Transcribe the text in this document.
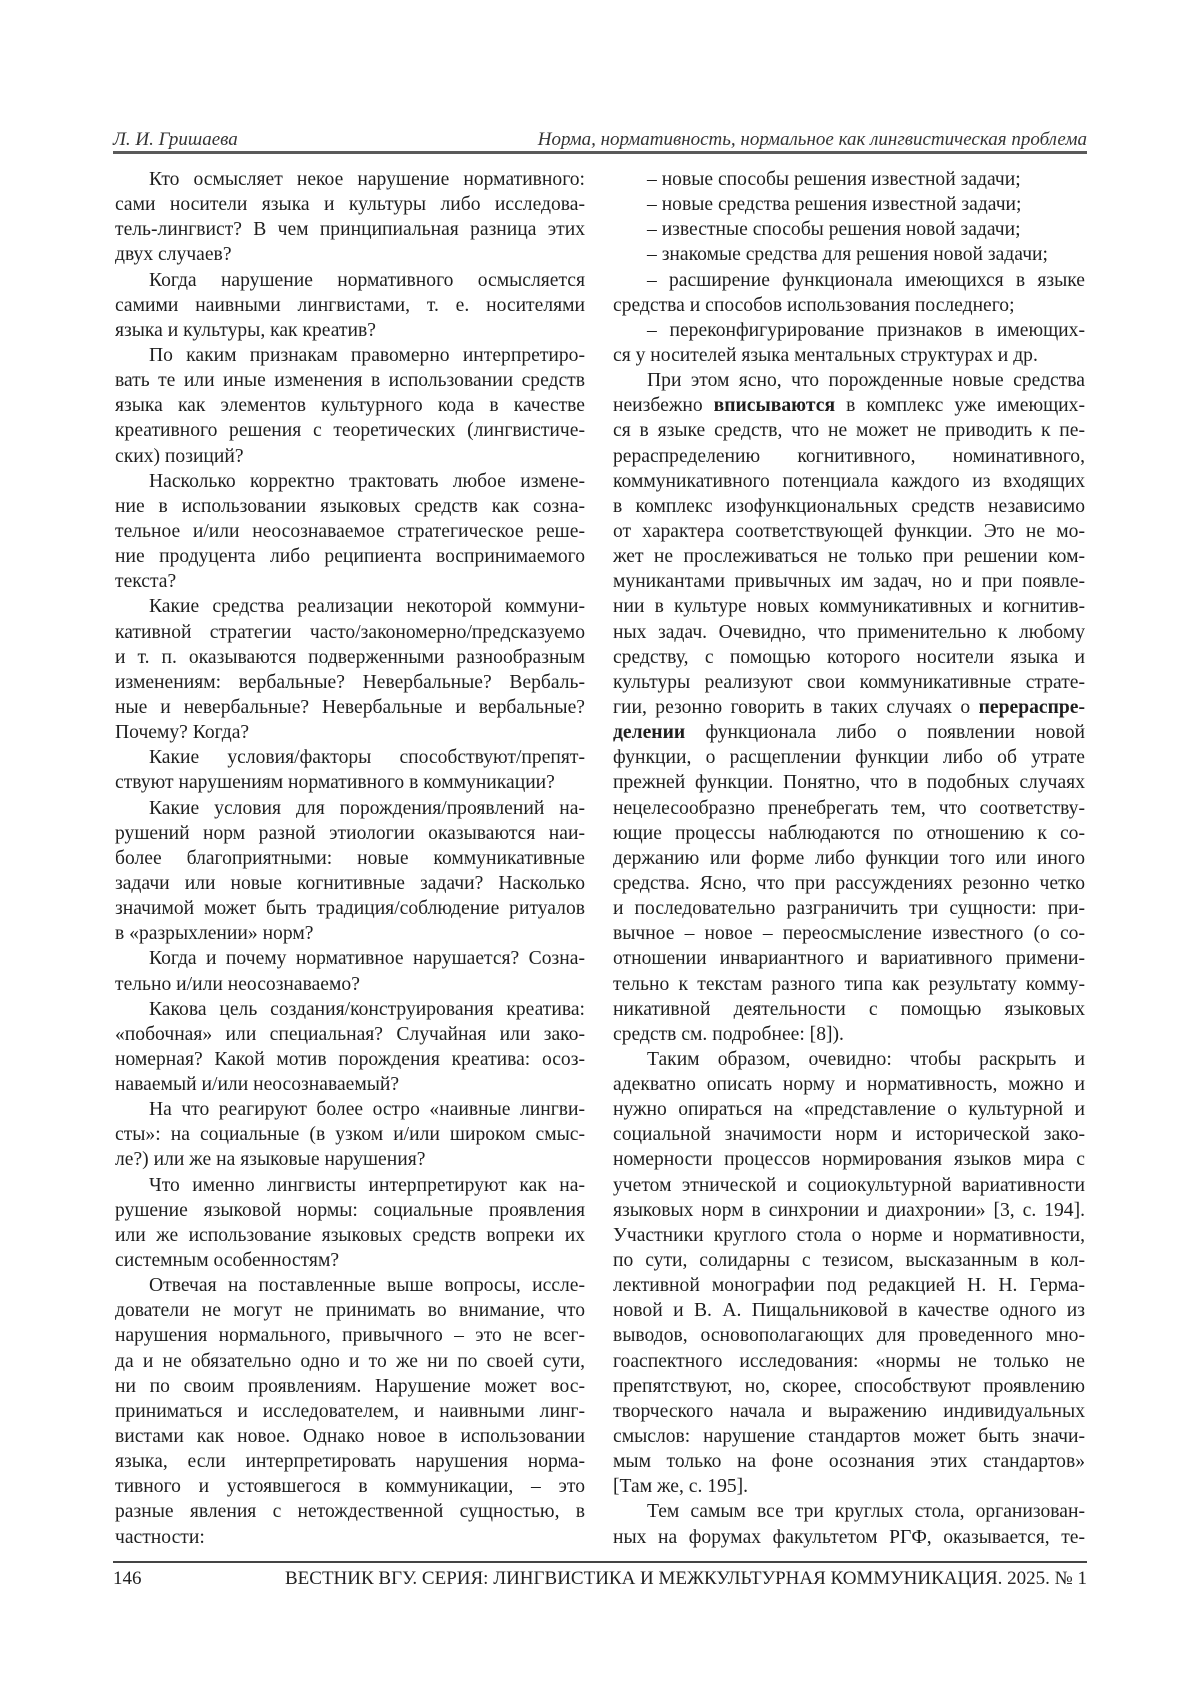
Л. И. Гришаева	Норма, нормативность, нормальное как лингвистическая проблема
Кто осмысляет некое нарушение нормативного:
сами носители языка и культуры либо исследова-
тель-лингвист? В чем принципиальная разница этих
двух случаев?
Когда нарушение нормативного осмысляется
самими наивными лингвистами, т. е. носителями
языка и культуры, как креатив?
По каким признакам правомерно интерпретиро-
вать те или иные изменения в использовании средств
языка как элементов культурного кода в качестве
креативного решения с теоретических (лингвистиче-
ских) позиций?
Насколько корректно трактовать любое измене-
ние в использовании языковых средств как созна-
тельное и/или неосознаваемое стратегическое реше-
ние продуцента либо реципиента воспринимаемого
текста?
Какие средства реализации некоторой коммуни-
кативной стратегии часто/закономерно/предсказуемо
и т. п. оказываются подверженными разнообразным
изменениям: вербальные? Невербальные? Вербаль-
ные и невербальные? Невербальные и вербальные?
Почему? Когда?
Какие условия/факторы способствуют/препят-
ствуют нарушениям нормативного в коммуникации?
Какие условия для порождения/проявлений на-
рушений норм разной этиологии оказываются наи-
более благоприятными: новые коммуникативные
задачи или новые когнитивные задачи? Насколько
значимой может быть традиция/соблюдение ритуалов
в «разрыхлении» норм?
Когда и почему нормативное нарушается? Созна-
тельно и/или неосознаваемо?
Какова цель создания/конструирования креатива:
«побочная» или специальная? Случайная или зако-
номерная? Какой мотив порождения креатива: осоз-
наваемый и/или неосознаваемый?
На что реагируют более остро «наивные лингви-
сты»: на социальные (в узком и/или широком смыс-
ле?) или же на языковые нарушения?
Что именно лингвисты интерпретируют как на-
рушение языковой нормы: социальные проявления
или же использование языковых средств вопреки их
системным особенностям?
Отвечая на поставленные выше вопросы, иссле-
дователи не могут не принимать во внимание, что
нарушения нормального, привычного – это не всег-
да и не обязательно одно и то же ни по своей сути,
ни по своим проявлениям. Нарушение может вос-
приниматься и исследователем, и наивными линг-
вистами как новое. Однако новое в использовании
языка, если интерпретировать нарушения норма-
тивного и устоявшегося в коммуникации, – это
разные явления с нетождественной сущностью, в
частности:
– новые способы решения известной задачи;
– новые средства решения известной задачи;
– известные способы решения новой задачи;
– знакомые средства для решения новой задачи;
– расширение функционала имеющихся в языке
средства и способов использования последнего;
– переконфигурирование признаков в имеющих-
ся у носителей языка ментальных структурах и др.
При этом ясно, что порожденные новые средства
неизбежно вписываются в комплекс уже имеющих-
ся в языке средств, что не может не приводить к пе-
рераспределению когнитивного, номинативного,
коммуникативного потенциала каждого из входящих
в комплекс изофункциональных средств независимо
от характера соответствующей функции. Это не мо-
жет не прослеживаться не только при решении ком-
муникантами привычных им задач, но и при появле-
нии в культуре новых коммуникативных и когнитив-
ных задач. Очевидно, что применительно к любому
средству, с помощью которого носители языка и
культуры реализуют свои коммуникативные страте-
гии, резонно говорить в таких случаях о перераспре-
делении функционала либо о появлении новой
функции, о расщеплении функции либо об утрате
прежней функции. Понятно, что в подобных случаях
нецелесообразно пренебрегать тем, что соответству-
ющие процессы наблюдаются по отношению к со-
держанию или форме либо функции того или иного
средства. Ясно, что при рассуждениях резонно четко
и последовательно разграничить три сущности: при-
вычное – новое – переосмысление известного (о со-
отношении инвариантного и вариативного примени-
тельно к текстам разного типа как результату комму-
никативной деятельности с помощью языковых
средств см. подробнее: [8]).
Таким образом, очевидно: чтобы раскрыть и
адекватно описать норму и нормативность, можно и
нужно опираться на «представление о культурной и
социальной значимости норм и исторической зако-
номерности процессов нормирования языков мира с
учетом этнической и социокультурной вариативности
языковых норм в синхронии и диахронии» [3, с. 194].
Участники круглого стола о норме и нормативности,
по сути, солидарны с тезисом, высказанным в кол-
лективной монографии под редакцией Н. Н. Герма-
новой и В. А. Пищальниковой в качестве одного из
выводов, основополагающих для проведенного мно-
гоаспектного исследования: «нормы не только не
препятствуют, но, скорее, способствуют проявлению
творческого начала и выражению индивидуальных
смыслов: нарушение стандартов может быть значи-
мым только на фоне осознания этих стандартов»
[Там же, с. 195].
Тем самым все три круглых стола, организован-
ных на форумах факультетом РГФ, оказывается, те-
146	ВЕСТНИК ВГУ. СЕРИЯ: ЛИНГВИСТИКА И МЕЖКУЛЬТУРНАЯ КОММУНИКАЦИЯ. 2025. № 1
